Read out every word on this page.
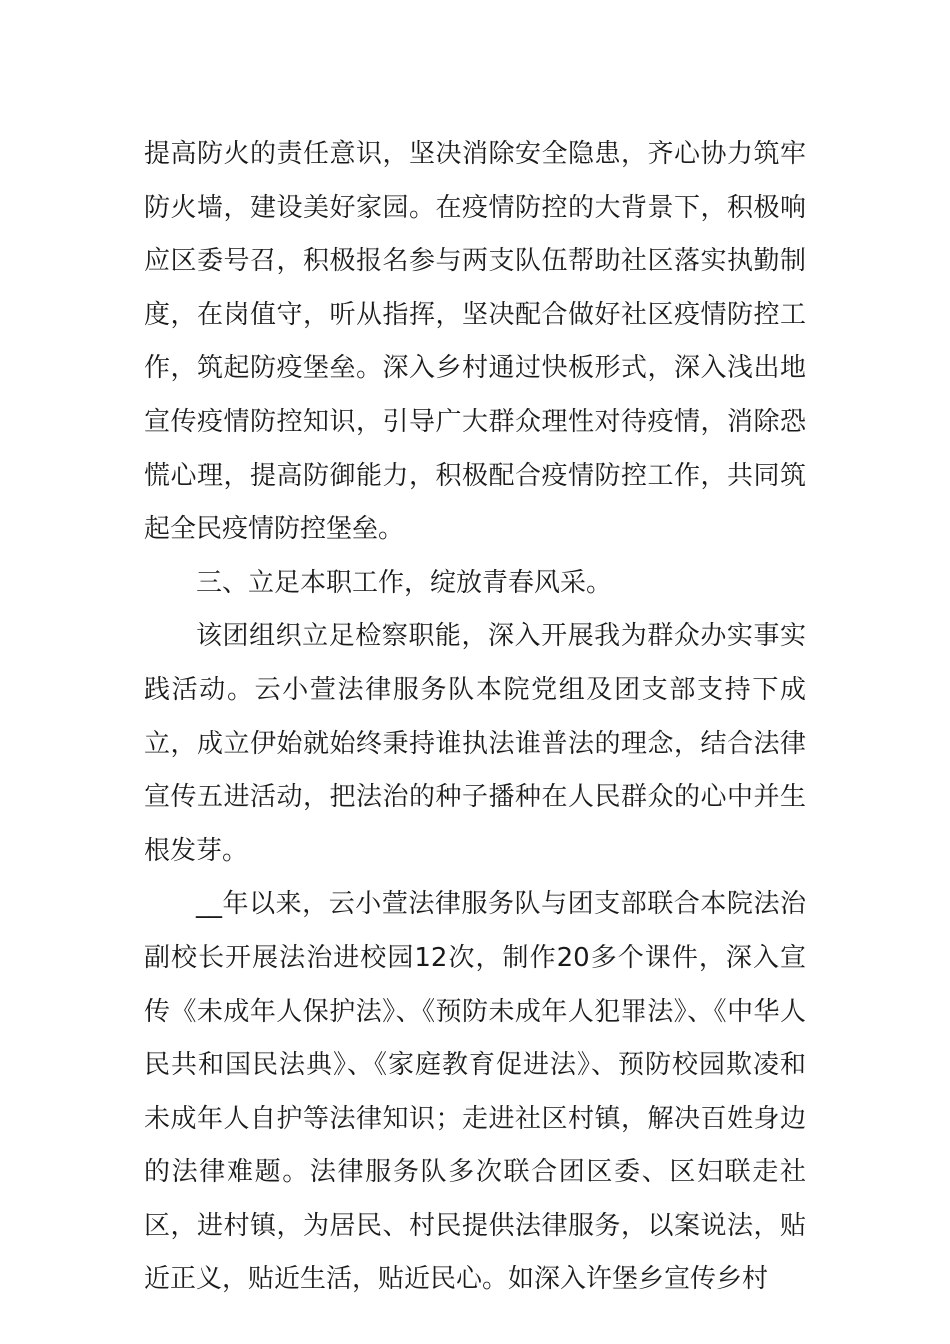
提高防火的责任意识，坚决消除安全隐患，齐心协力筑牢防火墙，建设美好家园。在疫情防控的大背景下，积极响应区委号召，积极报名参与两支队伍帮助社区落实执勤制度，在岗值守，听从指挥，坚决配合做好社区疫情防控工作，筑起防疫堡垒。深入乡村通过快板形式，深入浅出地宣传疫情防控知识，引导广大群众理性对待疫情，消除恐慌心理，提高防御能力，积极配合疫情防控工作，共同筑起全民疫情防控堡垒。

三、立足本职工作，绽放青春风采。

该团组织立足检察职能，深入开展我为群众办实事实践活动。云小萱法律服务队本院党组及团支部支持下成立，成立伊始就始终秉持谁执法谁普法的理念，结合法律宣传五进活动，把法治的种子播种在人民群众的心中并生根发芽。

__年以来，云小萱法律服务队与团支部联合本院法治副校长开展法治进校园12次，制作20多个课件，深入宣传《未成年人保护法》、《预防未成年人犯罪法》、《中华人民共和国民法典》、《家庭教育促进法》、预防校园欺凌和未成年人自护等法律知识；走进社区村镇，解决百姓身边的法律难题。法律服务队多次联合团区委、区妇联走社区，进村镇，为居民、村民提供法律服务，以案说法，贴近正义，贴近生活，贴近民心。如深入许堡乡宣传乡村
